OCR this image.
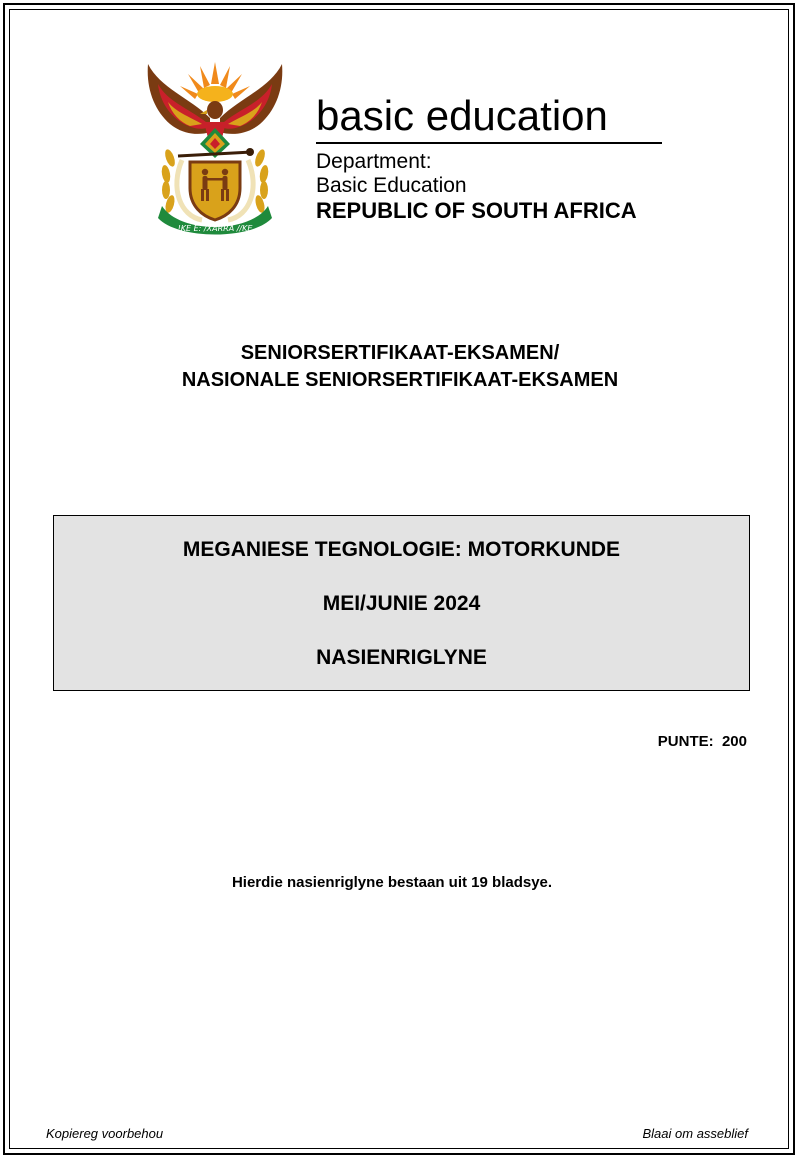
!KE E: /XARRA //KE
basic education
Department:
Basic Education
REPUBLIC OF SOUTH AFRICA
SENIORSERTIFIKAAT-EKSAMEN/
NASIONALE SENIORSERTIFIKAAT-EKSAMEN
MEGANIESE TEGNOLOGIE: MOTORKUNDE
MEI/JUNIE 2024
NASIENRIGLYNE
PUNTE:  200
Hierdie nasienriglyne bestaan uit 19 bladsye.
Kopiereg voorbehou	Blaai om asseblief
